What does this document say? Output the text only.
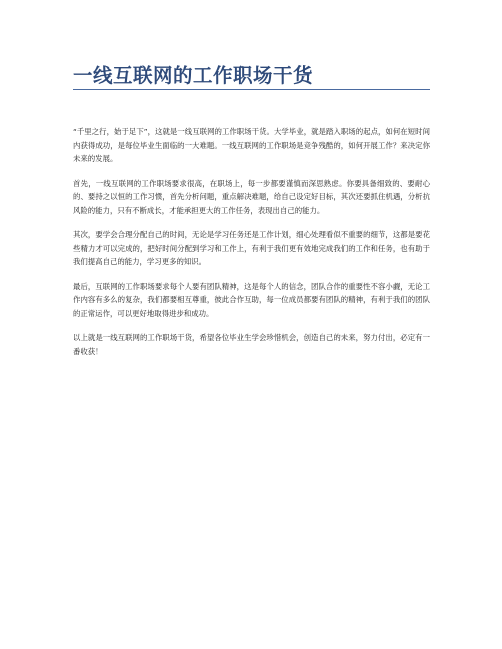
一线互联网的工作职场干货

“千里之行，始于足下”，这就是一线互联网的工作职场干货。大学毕业，就是踏入职场的起点，如何在短时间内获得成功，是每位毕业生面临的一大难题。一线互联网的工作职场是竞争残酷的，如何开展工作？来决定你未来的发展。

首先，一线互联网的工作职场要求很高，在职场上，每一步都要谨慎而深思熟虑。你要具备细致的、要耐心的、要持之以恒的工作习惯，首先分析问题，重点解决难题，给自己设定好目标，其次还要抓住机遇，分析抗风险的能力，只有不断成长，才能承担更大的工作任务，表现出自己的能力。

其次，要学会合理分配自己的时间，无论是学习任务还是工作计划，细心处理看似不重要的细节，这都是要花些精力才可以完成的，把好时间分配到学习和工作上，有利于我们更有效地完成我们的工作和任务，也有助于我们提高自己的能力，学习更多的知识。

最后，互联网的工作职场要求每个人要有团队精神，这是每个人的信念，团队合作的重要性不容小觑，无论工作内容有多么的复杂，我们都要相互尊重，彼此合作互助，每一位成员都要有团队的精神，有利于我们的团队的正常运作，可以更好地取得进步和成功。

以上就是一线互联网的工作职场干货，希望各位毕业生学会珍惜机会，创造自己的未来，努力付出，必定有一番收获！
